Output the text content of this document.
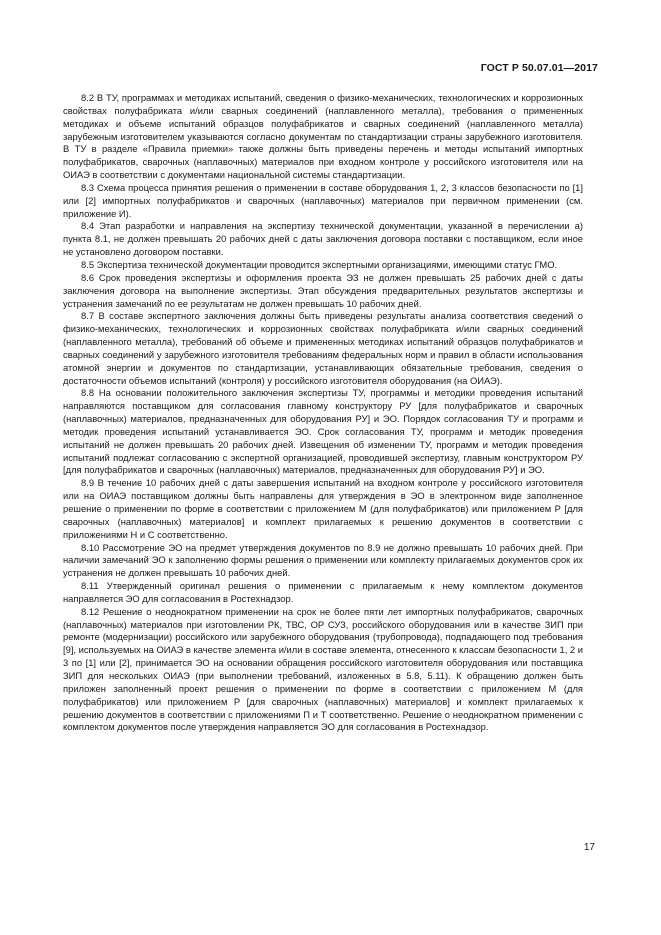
ГОСТ Р 50.07.01—2017

8.2 В ТУ, программах и методиках испытаний, сведения о физико-механических, технологических и коррозионных свойствах полуфабриката и/или сварных соединений (наплавленного металла), требования о примененных методиках и объеме испытаний образцов полуфабрикатов и сварных соединений (наплавленного металла) зарубежным изготовителем указываются согласно документам по стандартизации страны зарубежного изготовителя. В ТУ в разделе «Правила приемки» также должны быть приведены перечень и методы испытаний импортных полуфабрикатов, сварочных (наплавочных) материалов при входном контроле у российского изготовителя или на ОИАЭ в соответствии с документами национальной системы стандартизации.

8.3 Схема процесса принятия решения о применении в составе оборудования 1, 2, 3 классов безопасности по [1] или [2] импортных полуфабрикатов и сварочных (наплавочных) материалов при первичном применении (см. приложение И).

8.4 Этап разработки и направления на экспертизу технической документации, указанной в перечислении а) пункта 8.1, не должен превышать 20 рабочих дней с даты заключения договора поставки с поставщиком, если иное не установлено договором поставки.

8.5 Экспертиза технической документации проводится экспертными организациями, имеющими статус ГМО.

8.6 Срок проведения экспертизы и оформления проекта ЭЗ не должен превышать 25 рабочих дней с даты заключения договора на выполнение экспертизы. Этап обсуждения предварительных результатов экспертизы и устранения замечаний по ее результатам не должен превышать 10 рабочих дней.

8.7 В составе экспертного заключения должны быть приведены результаты анализа соответствия сведений о физико-механических, технологических и коррозионных свойствах полуфабриката и/или сварных соединений (наплавленного металла), требований об объеме и примененных методиках испытаний образцов полуфабрикатов и сварных соединений у зарубежного изготовителя требованиям федеральных норм и правил в области использования атомной энергии и документов по стандартизации, устанавливающих обязательные требования, сведения о достаточности объемов испытаний (контроля) у российского изготовителя оборудования (на ОИАЭ).

8.8 На основании положительного заключения экспертизы ТУ, программы и методики проведения испытаний направляются поставщиком для согласования главному конструктору РУ [для полуфабрикатов и сварочных (наплавочных) материалов, предназначенных для оборудования РУ] и ЭО. Порядок согласования ТУ и программ и методик проведения испытаний устанавливается ЭО. Срок согласования ТУ, программ и методик проведения испытаний не должен превышать 20 рабочих дней. Извещения об изменении ТУ, программ и методик проведения испытаний подлежат согласованию с экспертной организацией, проводившей экспертизу, главным конструктором РУ [для полуфабрикатов и сварочных (наплавочных) материалов, предназначенных для оборудования РУ] и ЭО.

8.9 В течение 10 рабочих дней с даты завершения испытаний на входном контроле у российского изготовителя или на ОИАЭ поставщиком должны быть направлены для утверждения в ЭО в электронном виде заполненное решение о применении по форме в соответствии с приложением М (для полуфабрикатов) или приложением Р [для сварочных (наплавочных) материалов] и комплект прилагаемых к решению документов в соответствии с приложениями Н и С соответственно.

8.10 Рассмотрение ЭО на предмет утверждения документов по 8.9 не должно превышать 10 рабочих дней. При наличии замечаний ЭО к заполнению формы решения о применении или комплекту прилагаемых документов срок их устранения не должен превышать 10 рабочих дней.

8.11 Утвержденный оригинал решения о применении с прилагаемым к нему комплектом документов направляется ЭО для согласования в Ростехнадзор.

8.12 Решение о неоднократном применении на срок не более пяти лет импортных полуфабрикатов, сварочных (наплавочных) материалов при изготовлении РК, ТВС, ОР СУЗ, российского оборудования или в качестве ЗИП при ремонте (модернизации) российского или зарубежного оборудования (трубопровода), подпадающего под требования [9], используемых на ОИАЭ в качестве элемента и/или в составе элемента, отнесенного к классам безопасности 1, 2 и 3 по [1] или [2], принимается ЭО на основании обращения российского изготовителя оборудования или поставщика ЗИП для нескольких ОИАЭ (при выполнении требований, изложенных в 5.8, 5.11). К обращению должен быть приложен заполненный проект решения о применении по форме в соответствии с приложением М (для полуфабрикатов) или приложением Р [для сварочных (наплавочных) материалов] и комплект прилагаемых к решению документов в соответствии с приложениями П и Т соответственно. Решение о неоднократном применении с комплектом документов после утверждения направляется ЭО для согласования в Ростехнадзор.

17
